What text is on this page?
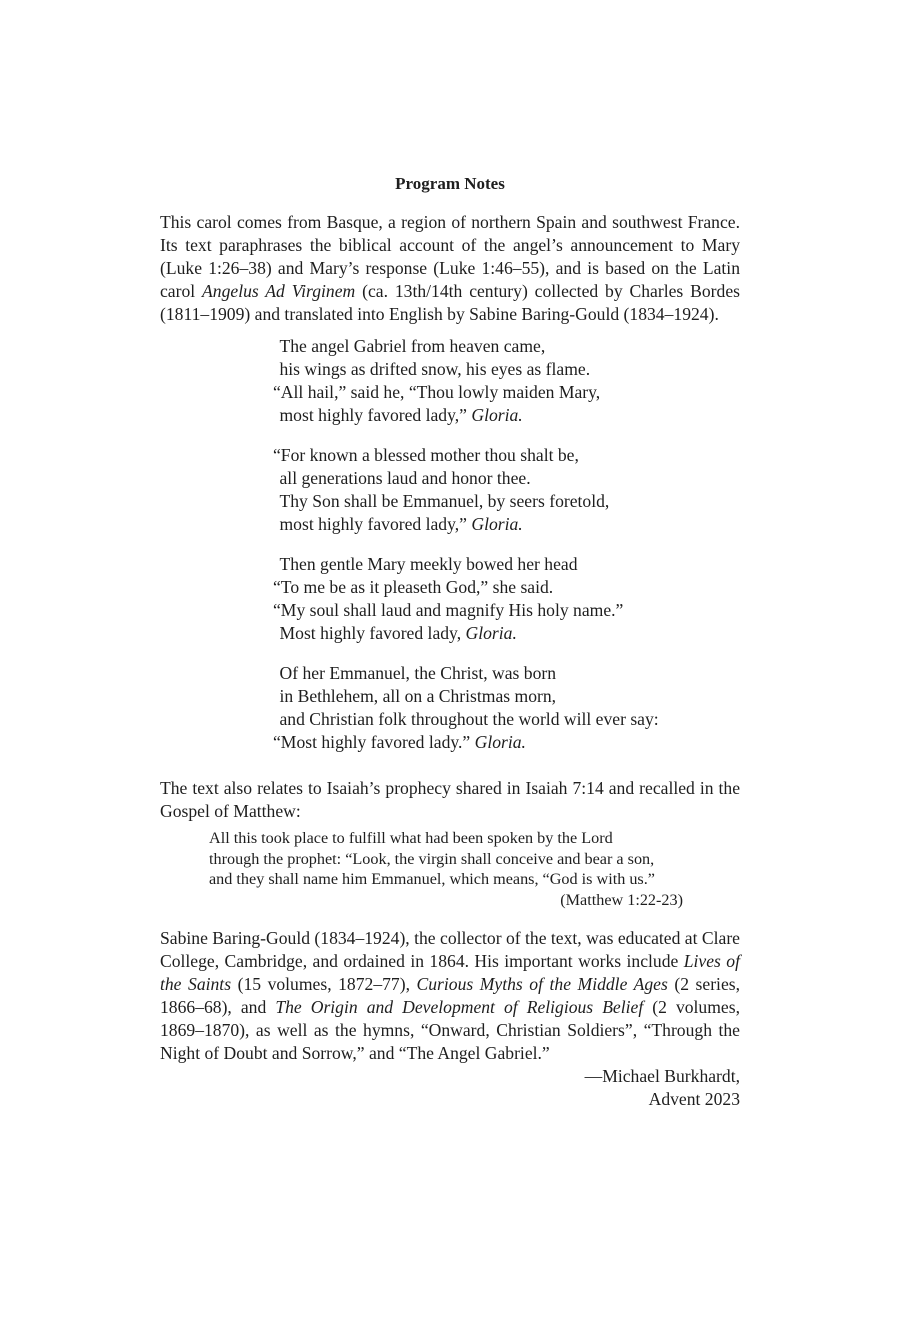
Program Notes
This carol comes from Basque, a region of northern Spain and southwest France.
Its text paraphrases the biblical account of the angel’s announcement to Mary
(Luke 1:26–38) and Mary’s response (Luke 1:46–55), and is based on the Latin
carol Angelus Ad Virginem (ca. 13th/14th century) collected by Charles Bordes
(1811–1909) and translated into English by Sabine Baring-Gould (1834–1924).
The angel Gabriel from heaven came,
his wings as drifted snow, his eyes as flame.
“All hail,” said he, “Thou lowly maiden Mary,
most highly favored lady,” Gloria.
“For known a blessed mother thou shalt be,
all generations laud and honor thee.
Thy Son shall be Emmanuel, by seers foretold,
most highly favored lady,” Gloria.
Then gentle Mary meekly bowed her head
“To me be as it pleaseth God,” she said.
“My soul shall laud and magnify His holy name.”
Most highly favored lady, Gloria.
Of her Emmanuel, the Christ, was born
in Bethlehem, all on a Christmas morn,
and Christian folk throughout the world will ever say:
“Most highly favored lady.” Gloria.
The text also relates to Isaiah’s prophecy shared in Isaiah 7:14 and recalled in the
Gospel of Matthew:
All this took place to fulfill what had been spoken by the Lord
through the prophet: “Look, the virgin shall conceive and bear a son,
and they shall name him Emmanuel, which means, “God is with us.”
(Matthew 1:22-23)
Sabine Baring-Gould (1834–1924), the collector of the text, was educated at Clare
College, Cambridge, and ordained in 1864. His important works include Lives of
the Saints (15 volumes, 1872–77), Curious Myths of the Middle Ages (2 series,
1866–68), and The Origin and Development of Religious Belief (2 volumes,
1869–1870), as well as the hymns, “Onward, Christian Soldiers”, “Through the
Night of Doubt and Sorrow,” and “The Angel Gabriel.”
—Michael Burkhardt,
Advent 2023
